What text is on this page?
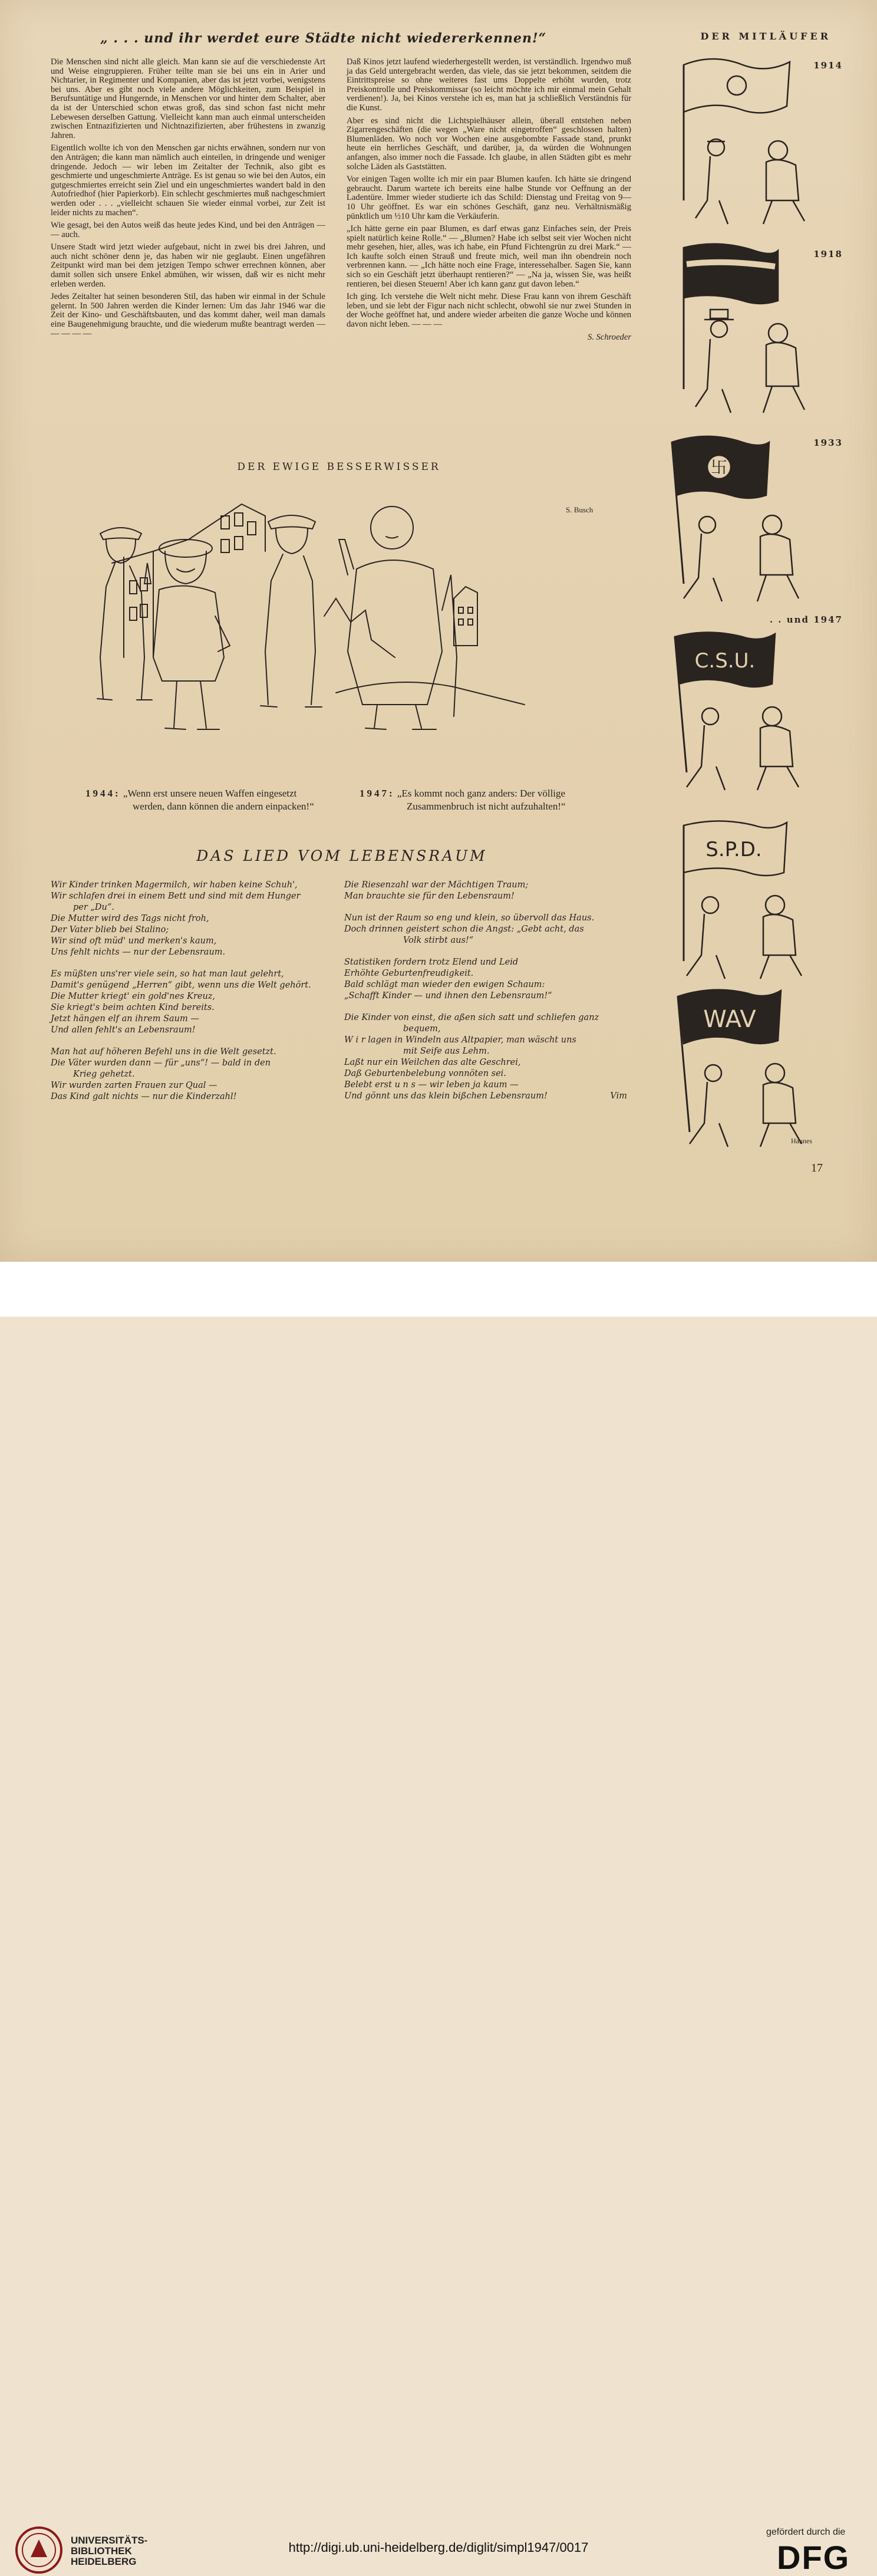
„ . . . und ihr werdet eure Städte nicht wiedererkennen!“	DER MITLÄUFER

Die Menschen sind nicht alle gleich. Man kann sie auf die verschiedenste Art und Weise eingruppieren. Früher teilte man sie bei uns ein in Arier und Nichtarier, in Regimenter und Kompanien, aber das ist jetzt vorbei, wenigstens bei uns. Aber es gibt noch viele andere Möglichkeiten, zum Beispiel in Berufsuntätige und Hungernde, in Menschen vor und hinter dem Schalter, aber da ist der Unterschied schon etwas groß, das sind schon fast nicht mehr Lebewesen derselben Gattung. Vielleicht kann man auch einmal unterscheiden zwischen Entnazifizierten und Nichtnazifizierten, aber frühestens in zwanzig Jahren.

Eigentlich wollte ich von den Menschen gar nichts erwähnen, sondern nur von den Anträgen; die kann man nämlich auch einteilen, in dringende und weniger dringende. Jedoch — wir leben im Zeitalter der Technik, also gibt es geschmierte und ungeschmierte Anträge. Es ist genau so wie bei den Autos, ein gutgeschmiertes erreicht sein Ziel und ein ungeschmiertes wandert bald in den Autofriedhof (hier Papierkorb). Ein schlecht geschmiertes muß nachgeschmiert werden oder . . . „vielleicht schauen Sie wieder einmal vorbei, zur Zeit ist leider nichts zu machen“.

Wie gesagt, bei den Autos weiß das heute jedes Kind, und bei den Anträgen — — auch.

Unsere Stadt wird jetzt wieder aufgebaut, nicht in zwei bis drei Jahren, und auch nicht schöner denn je, das haben wir nie geglaubt. Einen ungefähren Zeitpunkt wird man bei dem jetzigen Tempo schwer errechnen können, aber damit sollen sich unsere Enkel abmühen, wir wissen, daß wir es nicht mehr erleben werden.

Jedes Zeitalter hat seinen besonderen Stil, das haben wir einmal in der Schule gelernt. In 500 Jahren werden die Kinder lernen: Um das Jahr 1946 war die Zeit der Kino- und Geschäftsbauten, und das kommt daher, weil man damals eine Baugenehmigung brauchte, und die wiederum mußte beantragt werden — — — — —

Daß Kinos jetzt laufend wiederhergestellt werden, ist verständlich. Irgendwo muß ja das Geld untergebracht werden, das viele, das sie jetzt bekommen, seitdem die Eintrittspreise so ohne weiteres fast ums Doppelte erhöht wurden, trotz Preiskontrolle und Preiskommissar (so leicht möchte ich mir einmal mein Gehalt verdienen!). Ja, bei Kinos verstehe ich es, man hat ja schließlich Verständnis für die Kunst.

Aber es sind nicht die Lichtspielhäuser allein, überall entstehen neben Zigarrengeschäften (die wegen „Ware nicht eingetroffen“ geschlossen halten) Blumenläden. Wo noch vor Wochen eine ausgebombte Fassade stand, prunkt heute ein herrliches Geschäft, und darüber, ja, da würden die Wohnungen anfangen, also immer noch die Fassade. Ich glaube, in allen Städten gibt es mehr solche Läden als Gaststätten.

Vor einigen Tagen wollte ich mir ein paar Blumen kaufen. Ich hätte sie dringend gebraucht. Darum wartete ich bereits eine halbe Stunde vor Oeffnung an der Ladentüre. Immer wieder studierte ich das Schild: Dienstag und Freitag von 9—10 Uhr geöffnet. Es war ein schönes Geschäft, ganz neu. Verhältnismäßig pünktlich um ½10 Uhr kam die Verkäuferin.

„Ich hätte gerne ein paar Blumen, es darf etwas ganz Einfaches sein, der Preis spielt natürlich keine Rolle.“ — „Blumen? Habe ich selbst seit vier Wochen nicht mehr gesehen, hier, alles, was ich habe, ein Pfund Fichtengrün zu drei Mark.“ — Ich kaufte solch einen Strauß und freute mich, weil man ihn obendrein noch verbrennen kann. — „Ich hätte noch eine Frage, interessehalber. Sagen Sie, kann sich so ein Geschäft jetzt überhaupt rentieren?“ — „Na ja, wissen Sie, was heißt rentieren, bei diesen Steuern! Aber ich kann ganz gut davon leben.“

Ich ging. Ich verstehe die Welt nicht mehr. Diese Frau kann von ihrem Geschäft leben, und sie lebt der Figur nach nicht schlecht, obwohl sie nur zwei Stunden in der Woche geöffnet hat, und andere wieder arbeiten die ganze Woche und können davon nicht leben. — — —

S. Schroeder

DER EWIGE BESSERWISSER
S. Busch
1944: „Wenn erst unsere neuen Waffen eingesetzt
werden, dann können die andern einpacken!“
1947: „Es kommt noch ganz anders: Der völlige
Zusammenbruch ist nicht aufzuhalten!“
DAS LIED VOM LEBENSRAUM
Wir Kinder trinken Magermilch, wir haben keine Schuh',
Wir schlafen drei in einem Bett und sind mit dem Hunger
per „Du“.
Die Mutter wird des Tags nicht froh,
Der Vater blieb bei Stalino;
Wir sind oft müd' und merken's kaum,
Uns fehlt nichts — nur der Lebensraum.
Es müßten uns'rer viele sein, so hat man laut gelehrt,
Damit's genügend „Herren“ gibt, wenn uns die Welt gehört.
Die Mutter kriegt' ein gold'nes Kreuz,
Sie kriegt's beim achten Kind bereits.
Jetzt hängen elf an ihrem Saum —
Und allen fehlt's an Lebensraum!
Man hat auf höheren Befehl uns in die Welt gesetzt.
Die Väter wurden dann — für „uns“! — bald in den
Krieg gehetzt.
Wir wurden zarten Frauen zur Qual —
Das Kind galt nichts — nur die Kinderzahl!
Die Riesenzahl war der Mächtigen Traum;
Man brauchte sie für den Lebensraum!
Nun ist der Raum so eng und klein, so übervoll das Haus.
Doch drinnen geistert schon die Angst: „Gebt acht, das
Volk stirbt aus!“
Statistiken fordern trotz Elend und Leid
Erhöhte Geburtenfreudigkeit.
Bald schlägt man wieder den ewigen Schaum:
„Schafft Kinder — und ihnen den Lebensraum!“
Die Kinder von einst, die aßen sich satt und schliefen ganz
bequem,
W i r lagen in Windeln aus Altpapier, man wäscht uns
mit Seife aus Lehm.
Laßt nur ein Weilchen das alte Geschrei,
Daß Geburtenbelebung vonnöten sei.
Belebt erst u n s — wir leben ja kaum —
Und gönnt uns das klein bißchen Lebensraum!	Vim
1914
1918
1933
卐
. . und 1947
C.S.U.
S.P.D.
WAV
Hannes
17
UNIVERSITÄTS-
BIBLIOTHEK
HEIDELBERG
http://digi.ub.uni-heidelberg.de/diglit/simpl1947/0017
gefördert durch die
DFG
